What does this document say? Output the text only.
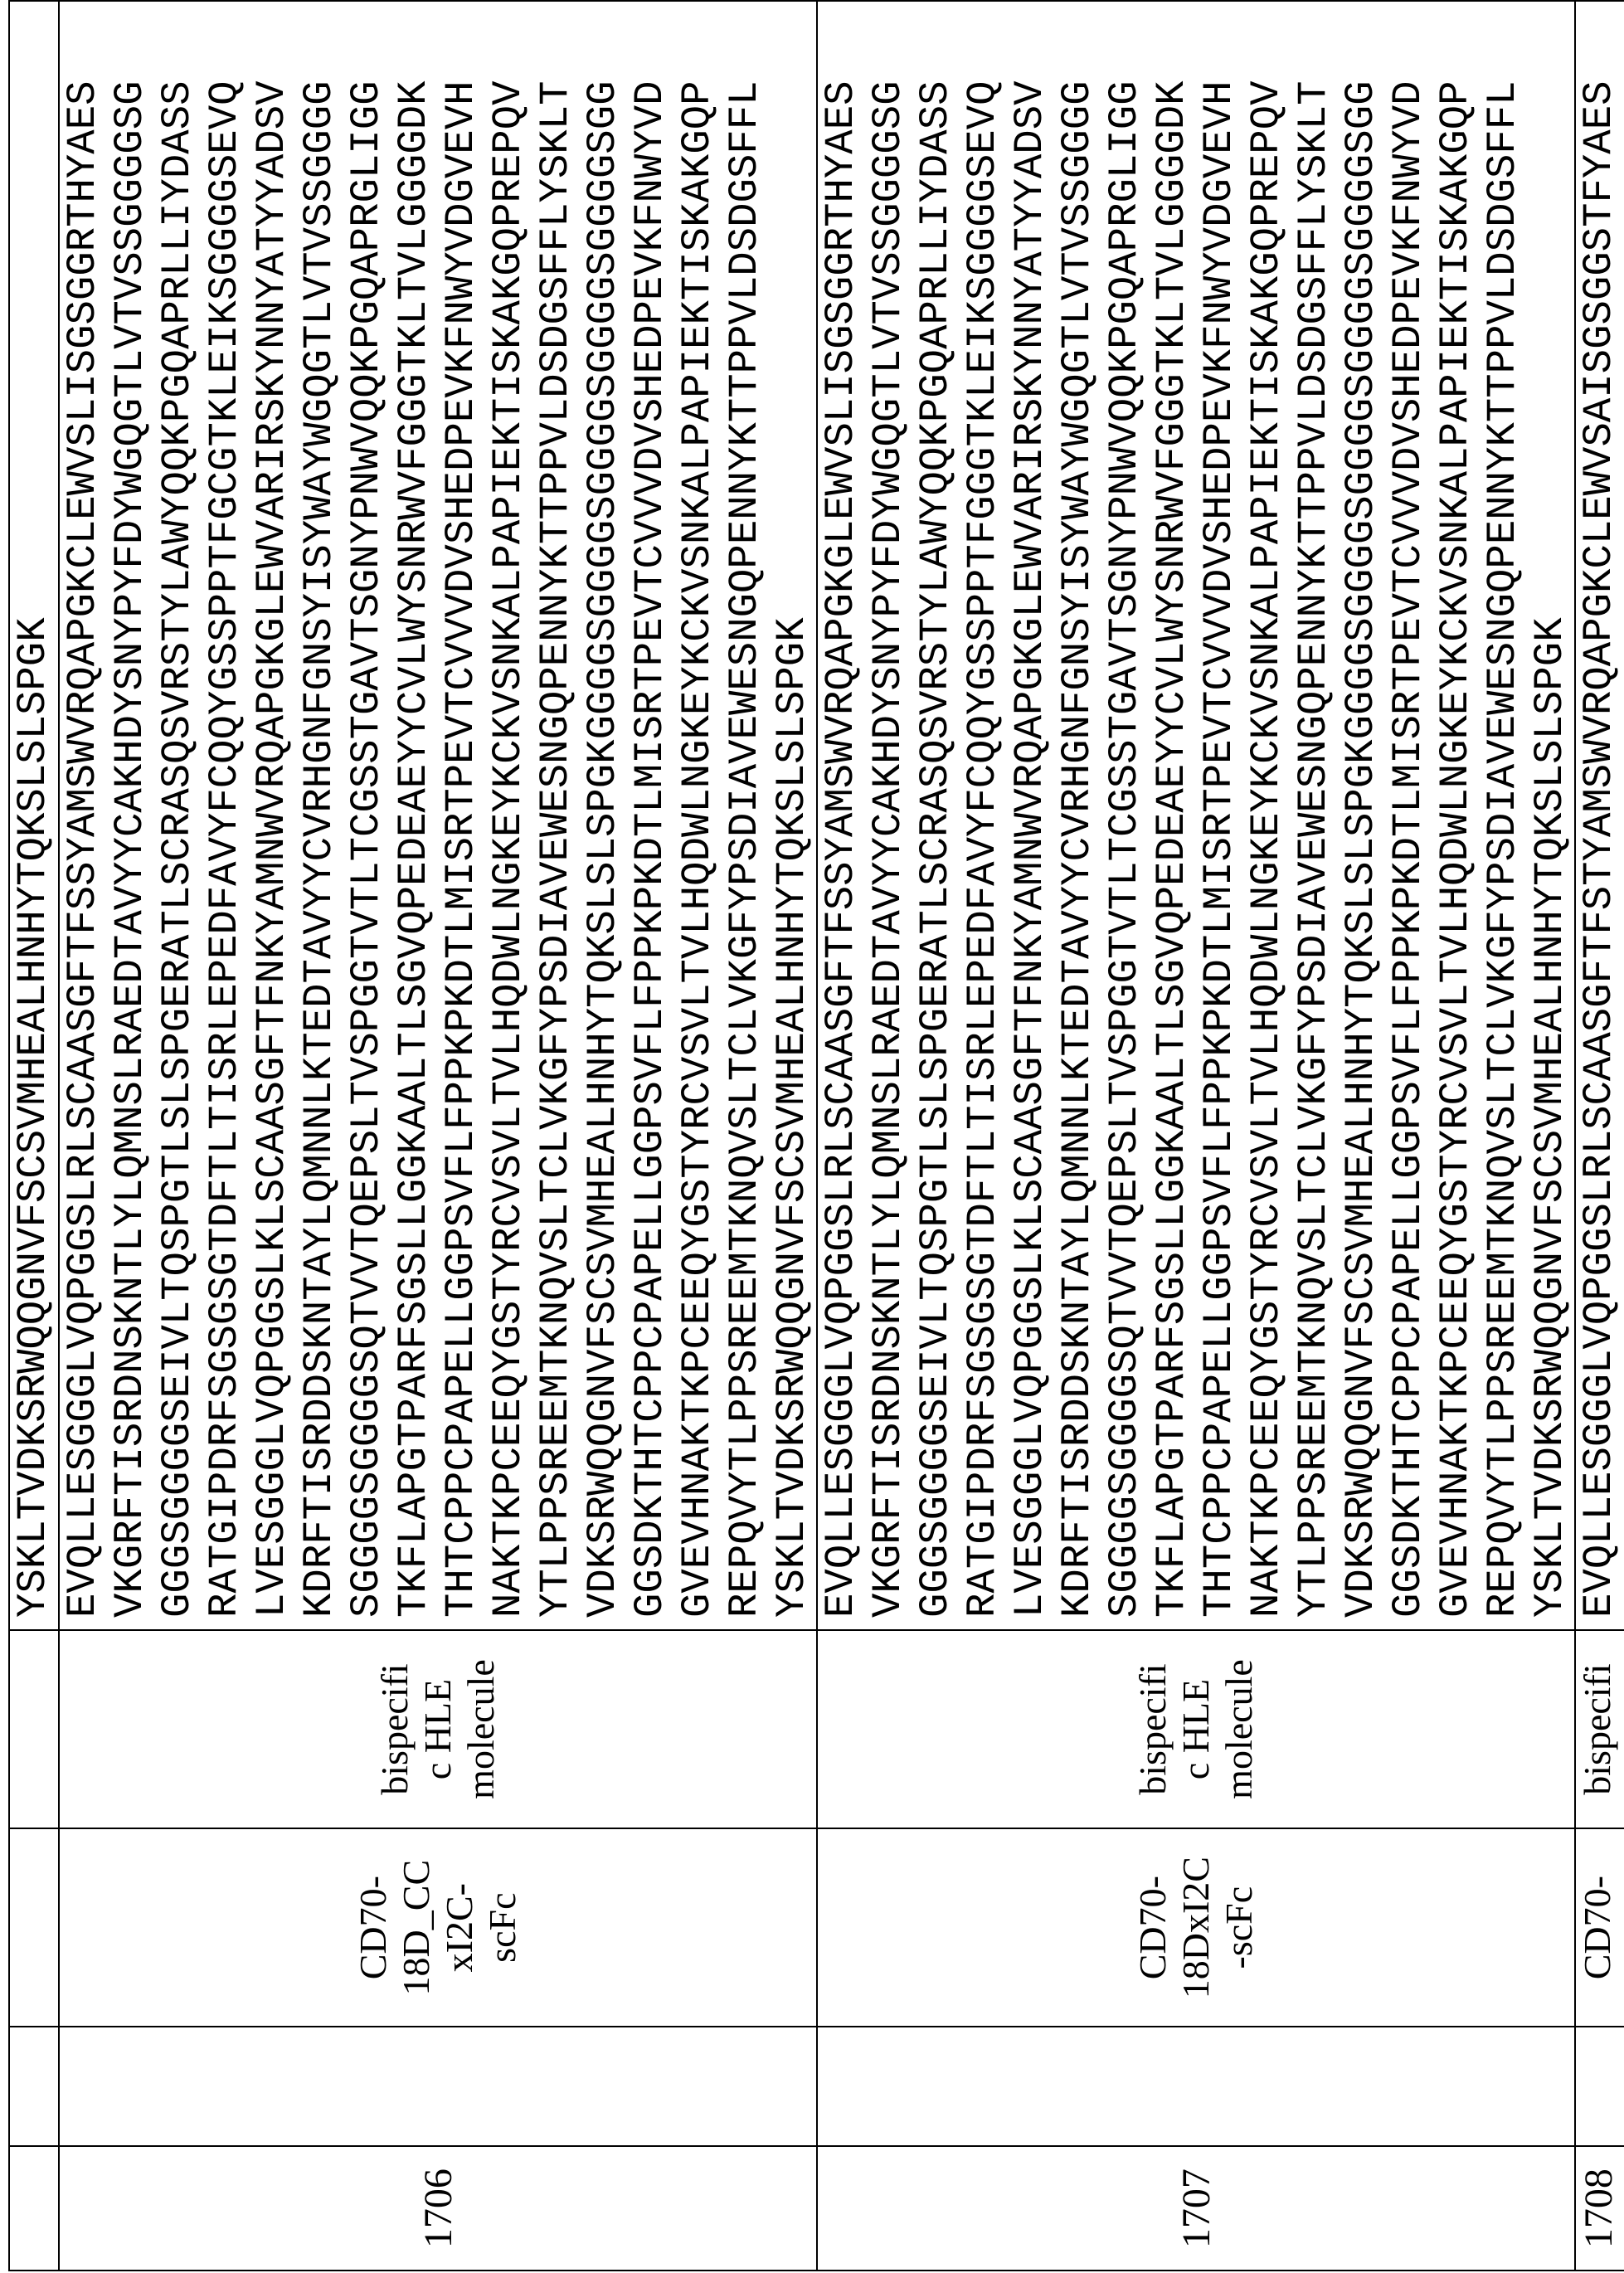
YSKLTVDKSRWQQGNVFSCSVMHEALHNHYTQKSLSLSPGK

1706		
CD70- 18D_CC xI2C- scFc

bispecifi c HLE molecule

EVQLLESGGGLVQPGGSLRLSCAASGFTFSSYAMSWVRQAPGKCLEWVSLISGSGGRTHYAES VKGRFTISRDNSKNTLYLQMNSLRAEDTAVYYCAKHDYSNYPYFDYWGQGTLVTVSSGGGGSG GGGSGGGGSEIVLTQSPGTLSLSPGERATLSCRASQSVRSTYLAWYQQKPGQAPRLLIYDASS RATGIPDRFSGSGSGTDFTLTISRLEPEDFAVYFCQQYGSSPPTFGCGTKLEIKSGGGGSEVQ LVESGGGLVQPGGSLKLSCAASGFTFNKYAMNWVRQAPGKGLEWVARIRSKYNNYATYYADSV KDRFTISRDDSKNTAYLQMNNLKTEDTAVYYCVRHGNFGNSYISYWAYWGQGTLVTVSSGGGG SGGGGSGGGGSQTVVTQEPSLTVSPGGTVTLTCGSSTGAVTSGNYPNWVQQKPGQAPRGLIGG TKFLAPGTPARFSGSLLGGKAALTLSGVQPEDEAEYYCVLWYSNRWVFGGGTKLTVLGGGGDK THTCPPCPAPELLGGPSVFLFPPKPKDTLMISRTPEVTCVVVDVSHEDPEVKFNWYVDGVEVH NAKTKPCEEQYGSTYRCVSVLTVLHQDWLNGKEYKCKVSNKALPAPIEKTISKAKGQPREPQV YTLPPSREEMTKNQVSLTCLVKGFYPSDIAVEWESNGQPENNYKTTPPVLDSDGSFFLYSKLT VDKSRWQQGNVFSCSVMHEALHNHYTQKSLSLSPGKGGGGSGGGGSGGGGSGGGGSGGGGSGG GGSDKTHTCPPCPAPELLGGPSVFLFPPKPKDTLMISRTPEVTCVVVDVSHEDPEVKFNWYVD GVEVHNAKTKPCEEQYGSTYRCVSVLTVLHQDWLNGKEYKCKVSNKALPAPIEKTISKAKGQP REPQVYTLPPSREEMTKNQVSLTCLVKGFYPSDIAVEWESNGQPENNYKTTPPVLDSDGSFFL YSKLTVDKSRWQQGNVFSCSVMHEALHNHYTQKSLSLSPGK

1707		
CD70- 18DxI2C -scFc

bispecifi c HLE molecule

EVQLLESGGGLVQPGGSLRLSCAASGFTFSSYAMSWVRQAPGKGLEWVSLISGSGGRTHYAES VKGRFTISRDNSKNTLYLQMNSLRAEDTAVYYCAKHDYSNYPYFDYWGQGTLVTVSSGGGGSG GGGSGGGGSEIVLTQSPGTLSLSPGERATLSCRASQSVRSTYLAWYQQKPGQAPRLLIYDASS RATGIPDRFSGSGSGTDFTLTISRLEPEDFAVYFCQQYGSSPPTFGGGTKLEIKSGGGGSEVQ LVESGGGLVQPGGSLKLSCAASGFTFNKYAMNWVRQAPGKGLEWVARIRSKYNNYATYYADSV KDRFTISRDDSKNTAYLQMNNLKTEDTAVYYCVRHGNFGNSYISYWAYWGQGTLVTVSSGGGG SGGGGSGGGGSQTVVTQEPSLTVSPGGTVTLTCGSSTGAVTSGNYPNWVQQKPGQAPRGLIGG TKFLAPGTPARFSGSLLGGKAALTLSGVQPEDEAEYYCVLWYSNRWVFGGGTKLTVLGGGGDK THTCPPCPAPELLGGPSVFLFPPKPKDTLMISRTPEVTCVVVDVSHEDPEVKFNWYVDGVEVH NAKTKPCEEQYGSTYRCVSVLTVLHQDWLNGKEYKCKVSNKALPAPIEKTISKAKGQPREPQV YTLPPSREEMTKNQVSLTCLVKGFYPSDIAVEWESNGQPENNYKTTPPVLDSDGSFFLYSKLT VDKSRWQQGNVFSCSVMHEALHNHYTQKSLSLSPGKGGGGSGGGGSGGGGSGGGGSGGGGSGG GGSDKTHTCPPCPAPELLGGPSVFLFPPKPKDTLMISRTPEVTCVVVDVSHEDPEVKFNWYVD GVEVHNAKTKPCEEQYGSTYRCVSVLTVLHQDWLNGKEYKCKVSNKALPAPIEKTISKAKGQP REPQVYTLPPSREEMTKNQVSLTCLVKGFYPSDIAVEWESNGQPENNYKTTPPVLDSDGSFFL YSKLTVDKSRWQQGNVFSCSVMHEALHNHYTQKSLSLSPGK

1708		
CD70-

bispecifi

EVQLLESGGGLVQPGGSLRLSCAASGFTFSTYAMSWVRQAPGKCLEWVSAISGSGGSTFYAES
